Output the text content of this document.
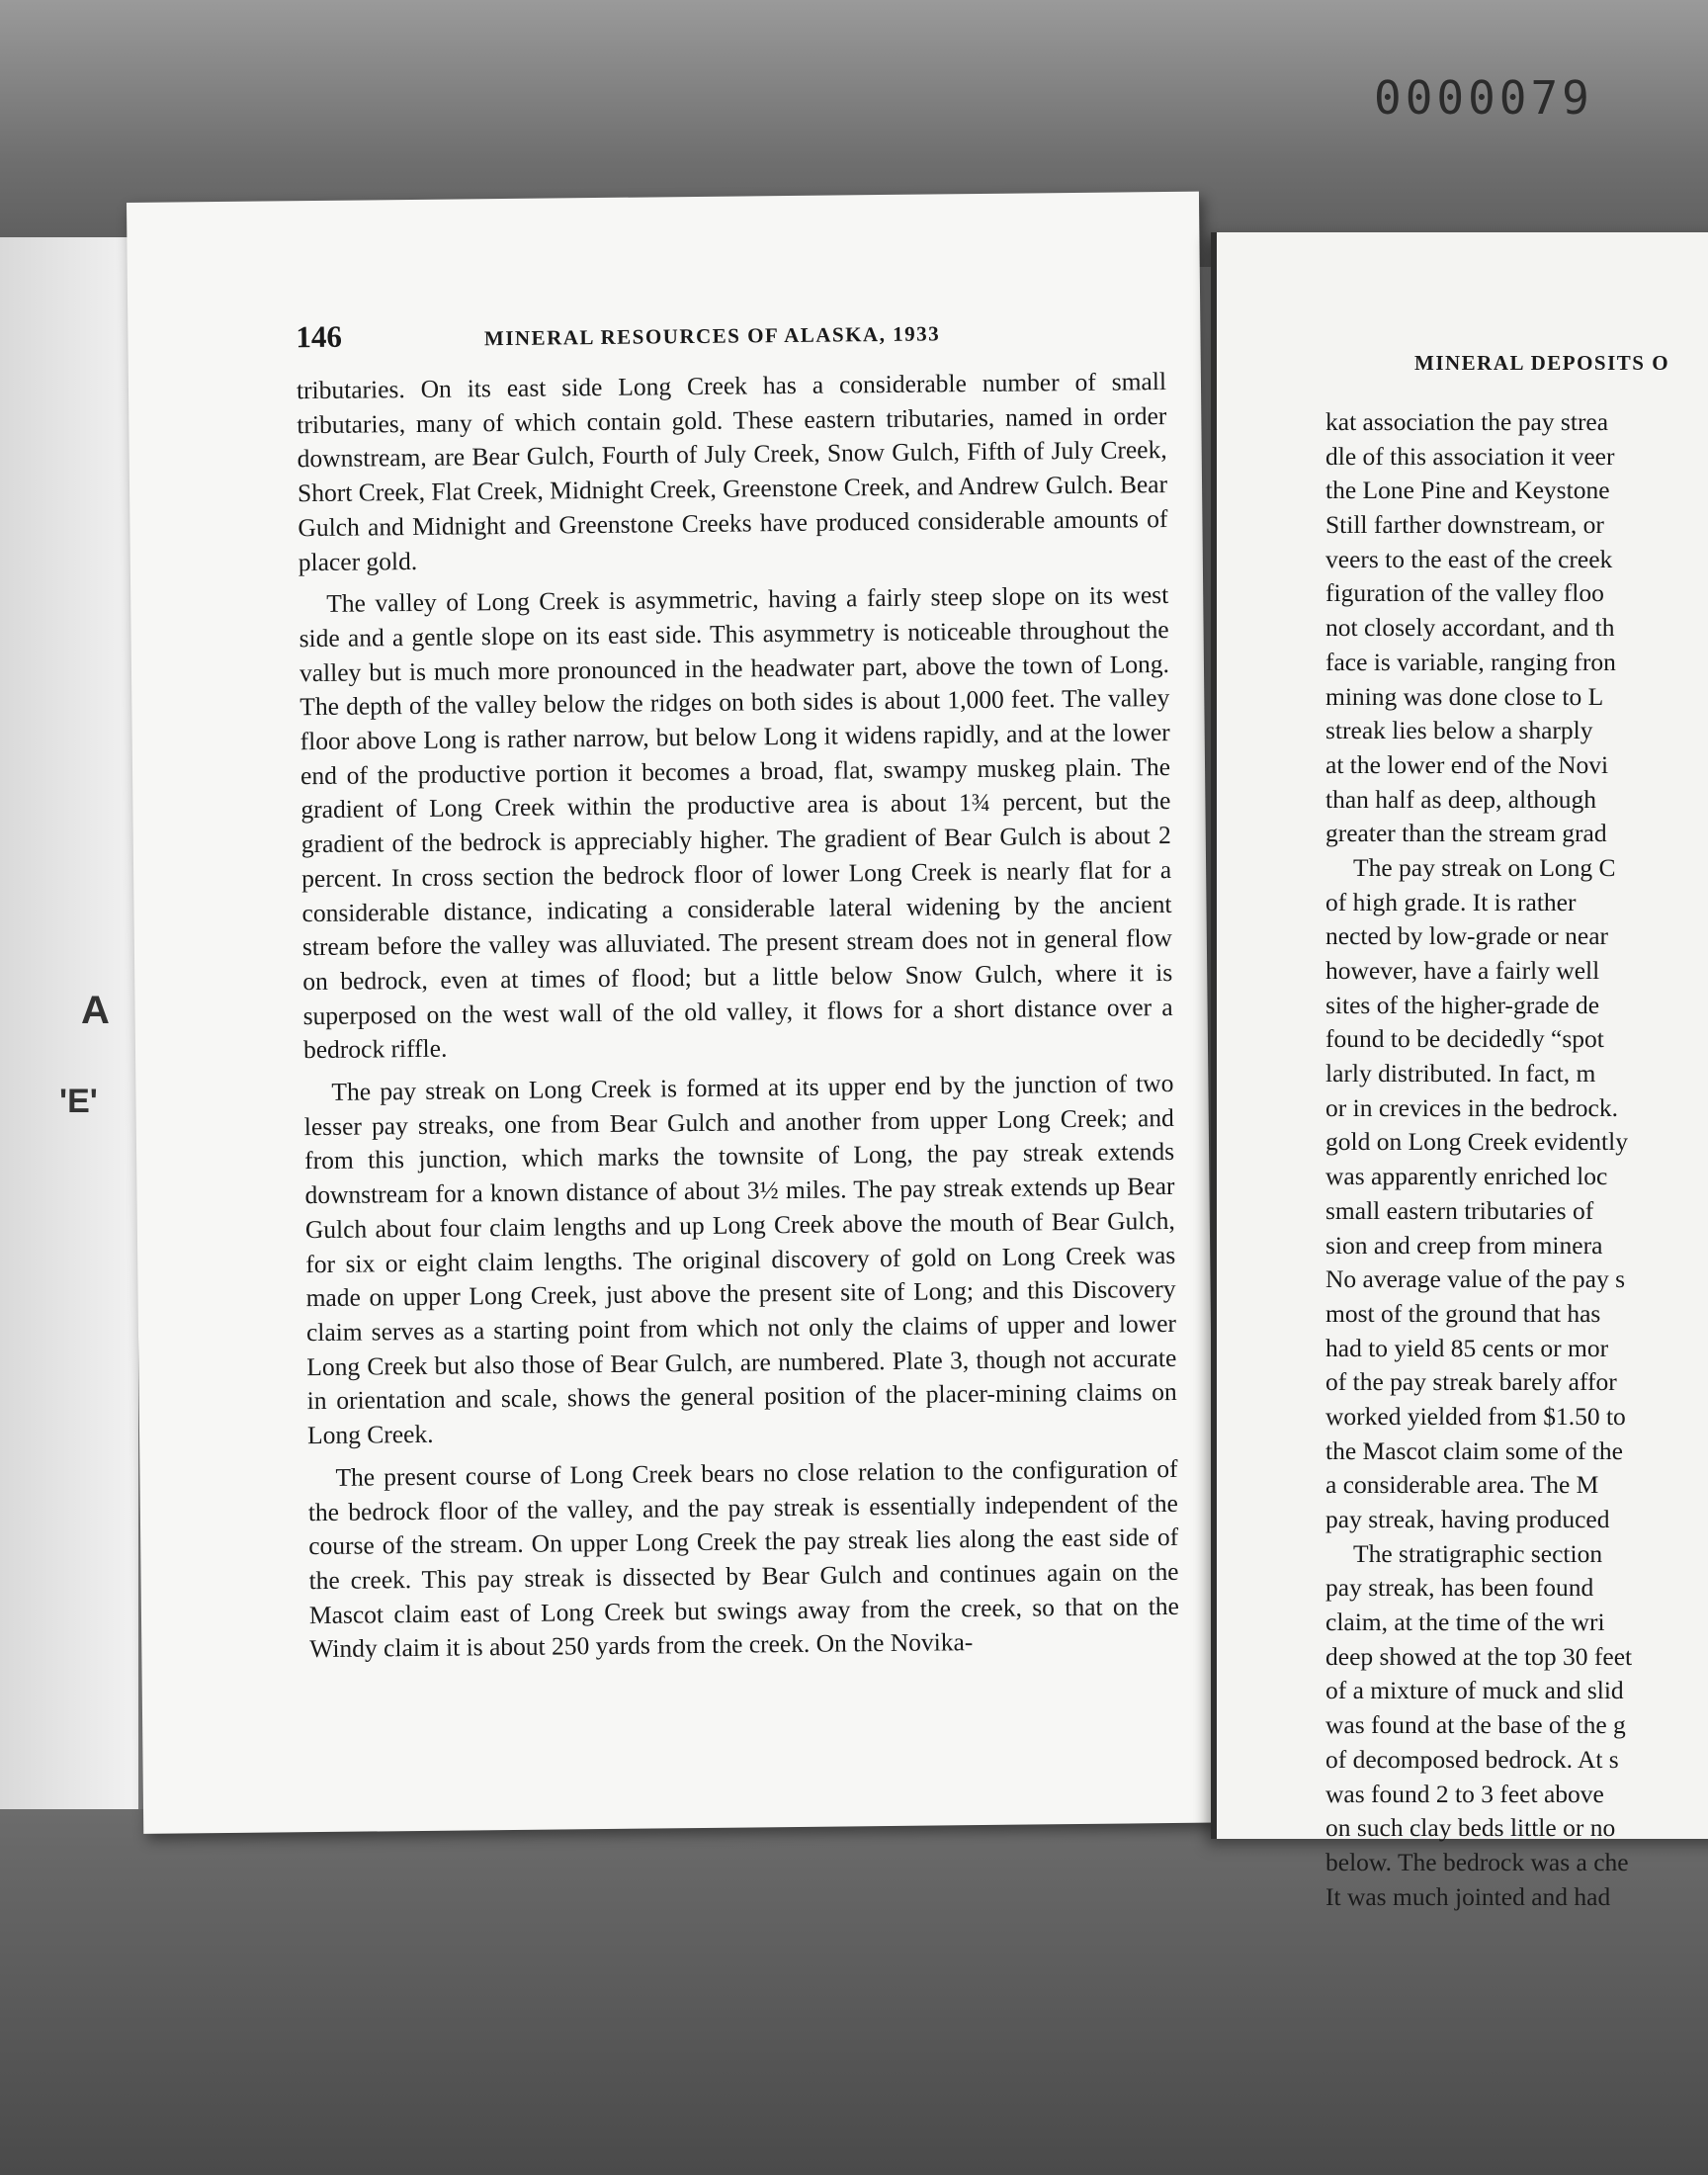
0000079
A
'E'
146	MINERAL RESOURCES OF ALASKA, 1933

tributaries. On its east side Long Creek has a considerable number of small tributaries, many of which contain gold. These eastern tributaries, named in order downstream, are Bear Gulch, Fourth of July Creek, Snow Gulch, Fifth of July Creek, Short Creek, Flat Creek, Midnight Creek, Greenstone Creek, and Andrew Gulch. Bear Gulch and Midnight and Greenstone Creeks have produced considerable amounts of placer gold.

The valley of Long Creek is asymmetric, having a fairly steep slope on its west side and a gentle slope on its east side. This asymmetry is noticeable throughout the valley but is much more pronounced in the headwater part, above the town of Long. The depth of the valley below the ridges on both sides is about 1,000 feet. The valley floor above Long is rather narrow, but below Long it widens rapidly, and at the lower end of the productive portion it becomes a broad, flat, swampy muskeg plain. The gradient of Long Creek within the productive area is about 1¾ percent, but the gradient of the bedrock is appreciably higher. The gradient of Bear Gulch is about 2 percent. In cross section the bedrock floor of lower Long Creek is nearly flat for a considerable distance, indicating a considerable lateral widening by the ancient stream before the valley was alluviated. The present stream does not in general flow on bedrock, even at times of flood; but a little below Snow Gulch, where it is superposed on the west wall of the old valley, it flows for a short distance over a bedrock riffle.

The pay streak on Long Creek is formed at its upper end by the junction of two lesser pay streaks, one from Bear Gulch and another from upper Long Creek; and from this junction, which marks the townsite of Long, the pay streak extends downstream for a known distance of about 3½ miles. The pay streak extends up Bear Gulch about four claim lengths and up Long Creek above the mouth of Bear Gulch, for six or eight claim lengths. The original discovery of gold on Long Creek was made on upper Long Creek, just above the present site of Long; and this Discovery claim serves as a starting point from which not only the claims of upper and lower Long Creek but also those of Bear Gulch, are numbered. Plate 3, though not accurate in orientation and scale, shows the general position of the placer-mining claims on Long Creek.

The present course of Long Creek bears no close relation to the configuration of the bedrock floor of the valley, and the pay streak is essentially independent of the course of the stream. On upper Long Creek the pay streak lies along the east side of the creek. This pay streak is dissected by Bear Gulch and continues again on the Mascot claim east of Long Creek but swings away from the creek, so that on the Windy claim it is about 250 yards from the creek. On the Novika-

MINERAL DEPOSITS O
kat association the pay strea
dle of this association it veer
the Lone Pine and Keystone
Still farther downstream, or
veers to the east of the creek
figuration of the valley floo
not closely accordant, and th
face is variable, ranging fron
mining was done close to L
streak lies below a sharply
at the lower end of the Novi
than half as deep, although
greater than the stream grad
The pay streak on Long C
of high grade. It is rather
nected by low-grade or near
however, have a fairly well
sites of the higher-grade de
found to be decidedly “spot
larly distributed. In fact, m
or in crevices in the bedrock.
gold on Long Creek evidently
was apparently enriched loc
small eastern tributaries of
sion and creep from minera
No average value of the pay s
most of the ground that has
had to yield 85 cents or mor
of the pay streak barely affor
worked yielded from $1.50 to
the Mascot claim some of the
a considerable area. The M
pay streak, having produced
The stratigraphic section
pay streak, has been found
claim, at the time of the wri
deep showed at the top 30 feet
of a mixture of muck and slid
was found at the base of the g
of decomposed bedrock. At s
was found 2 to 3 feet above
on such clay beds little or no
below. The bedrock was a che
It was much jointed and had
